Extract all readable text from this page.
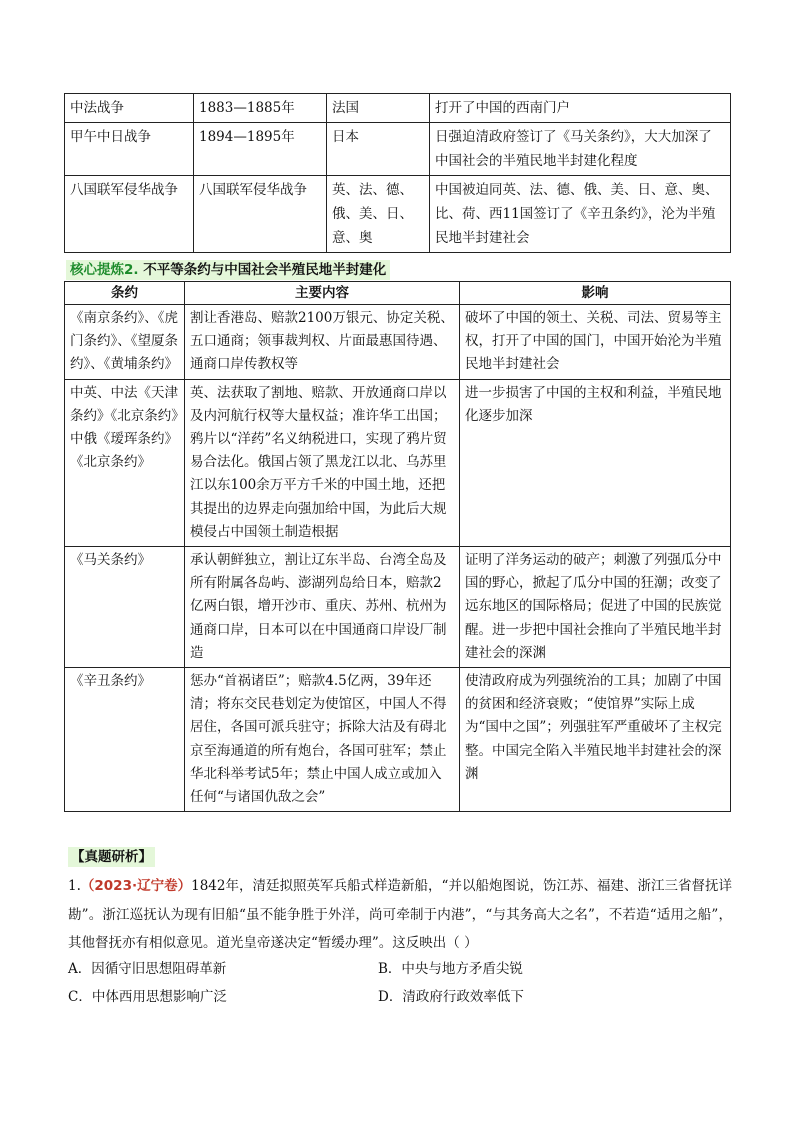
中法战争	1883—1885年	法国	打开了中国的西南门户
甲午中日战争	1894—1895年	日本	日强迫清政府签订了《马关条约》，大大加深了中国社会的半殖民地半封建化程度
八国联军侵华战争	八国联军侵华战争	英、法、德、俄、美、日、意、奥	中国被迫同英、法、德、俄、美、日、意、奥、比、荷、西11国签订了《辛丑条约》，沦为半殖民地半封建社会
核心提炼2. 不平等条约与中国社会半殖民地半封建化
条约	主要内容	影响
《南京条约》、《虎门条约》、《望厦条约》、《黄埔条约》	割让香港岛、赔款2100万银元、协定关税、五口通商；领事裁判权、片面最惠国待遇、通商口岸传教权等	破坏了中国的领土、关税、司法、贸易等主权，打开了中国的国门，中国开始沦为半殖民地半封建社会
中英、中法《天津条约》《北京条约》中俄《瑷珲条约》《北京条约》	英、法获取了割地、赔款、开放通商口岸以及内河航行权等大量权益；准许华工出国；鸦片以“洋药”名义纳税进口，实现了鸦片贸易合法化。俄国占领了黑龙江以北、乌苏里江以东100余万平方千米的中国土地，还把其提出的边界走向强加给中国，为此后大规模侵占中国领土制造根据	进一步损害了中国的主权和利益，半殖民地化逐步加深
《马关条约》	承认朝鲜独立，割让辽东半岛、台湾全岛及所有附属各岛屿、澎湖列岛给日本，赔款2亿两白银，增开沙市、重庆、苏州、杭州为通商口岸，日本可以在中国通商口岸设厂制造	证明了洋务运动的破产；刺激了列强瓜分中国的野心，掀起了瓜分中国的狂潮；改变了远东地区的国际格局；促进了中国的民族觉醒。进一步把中国社会推向了半殖民地半封建社会的深渊
《辛丑条约》	惩办“首祸诸臣”；赔款4.5亿两，39年还清；将东交民巷划定为使馆区，中国人不得居住，各国可派兵驻守；拆除大沽及有碍北京至海通道的所有炮台，各国可驻军；禁止华北科举考试5年；禁止中国人成立或加入任何“与诸国仇敌之会”	使清政府成为列强统治的工具；加剧了中国的贫困和经济衰败；“使馆界”实际上成为“国中之国”；列强驻军严重破坏了主权完整。中国完全陷入半殖民地半封建社会的深渊
【真题研析】
1.（2023·辽宁卷）1842年，清廷拟照英军兵船式样造新船，“并以船炮图说，饬江苏、福建、浙江三省督抚详勘”。浙江巡抚认为现有旧船“虽不能争胜于外洋，尚可牵制于内港”，“与其务高大之名”，不若造“适用之船”，其他督抚亦有相似意见。道光皇帝遂决定“暂缓办理”。这反映出（ ）
A．因循守旧思想阻碍革新	B．中央与地方矛盾尖锐
C．中体西用思想影响广泛	D．清政府行政效率低下
